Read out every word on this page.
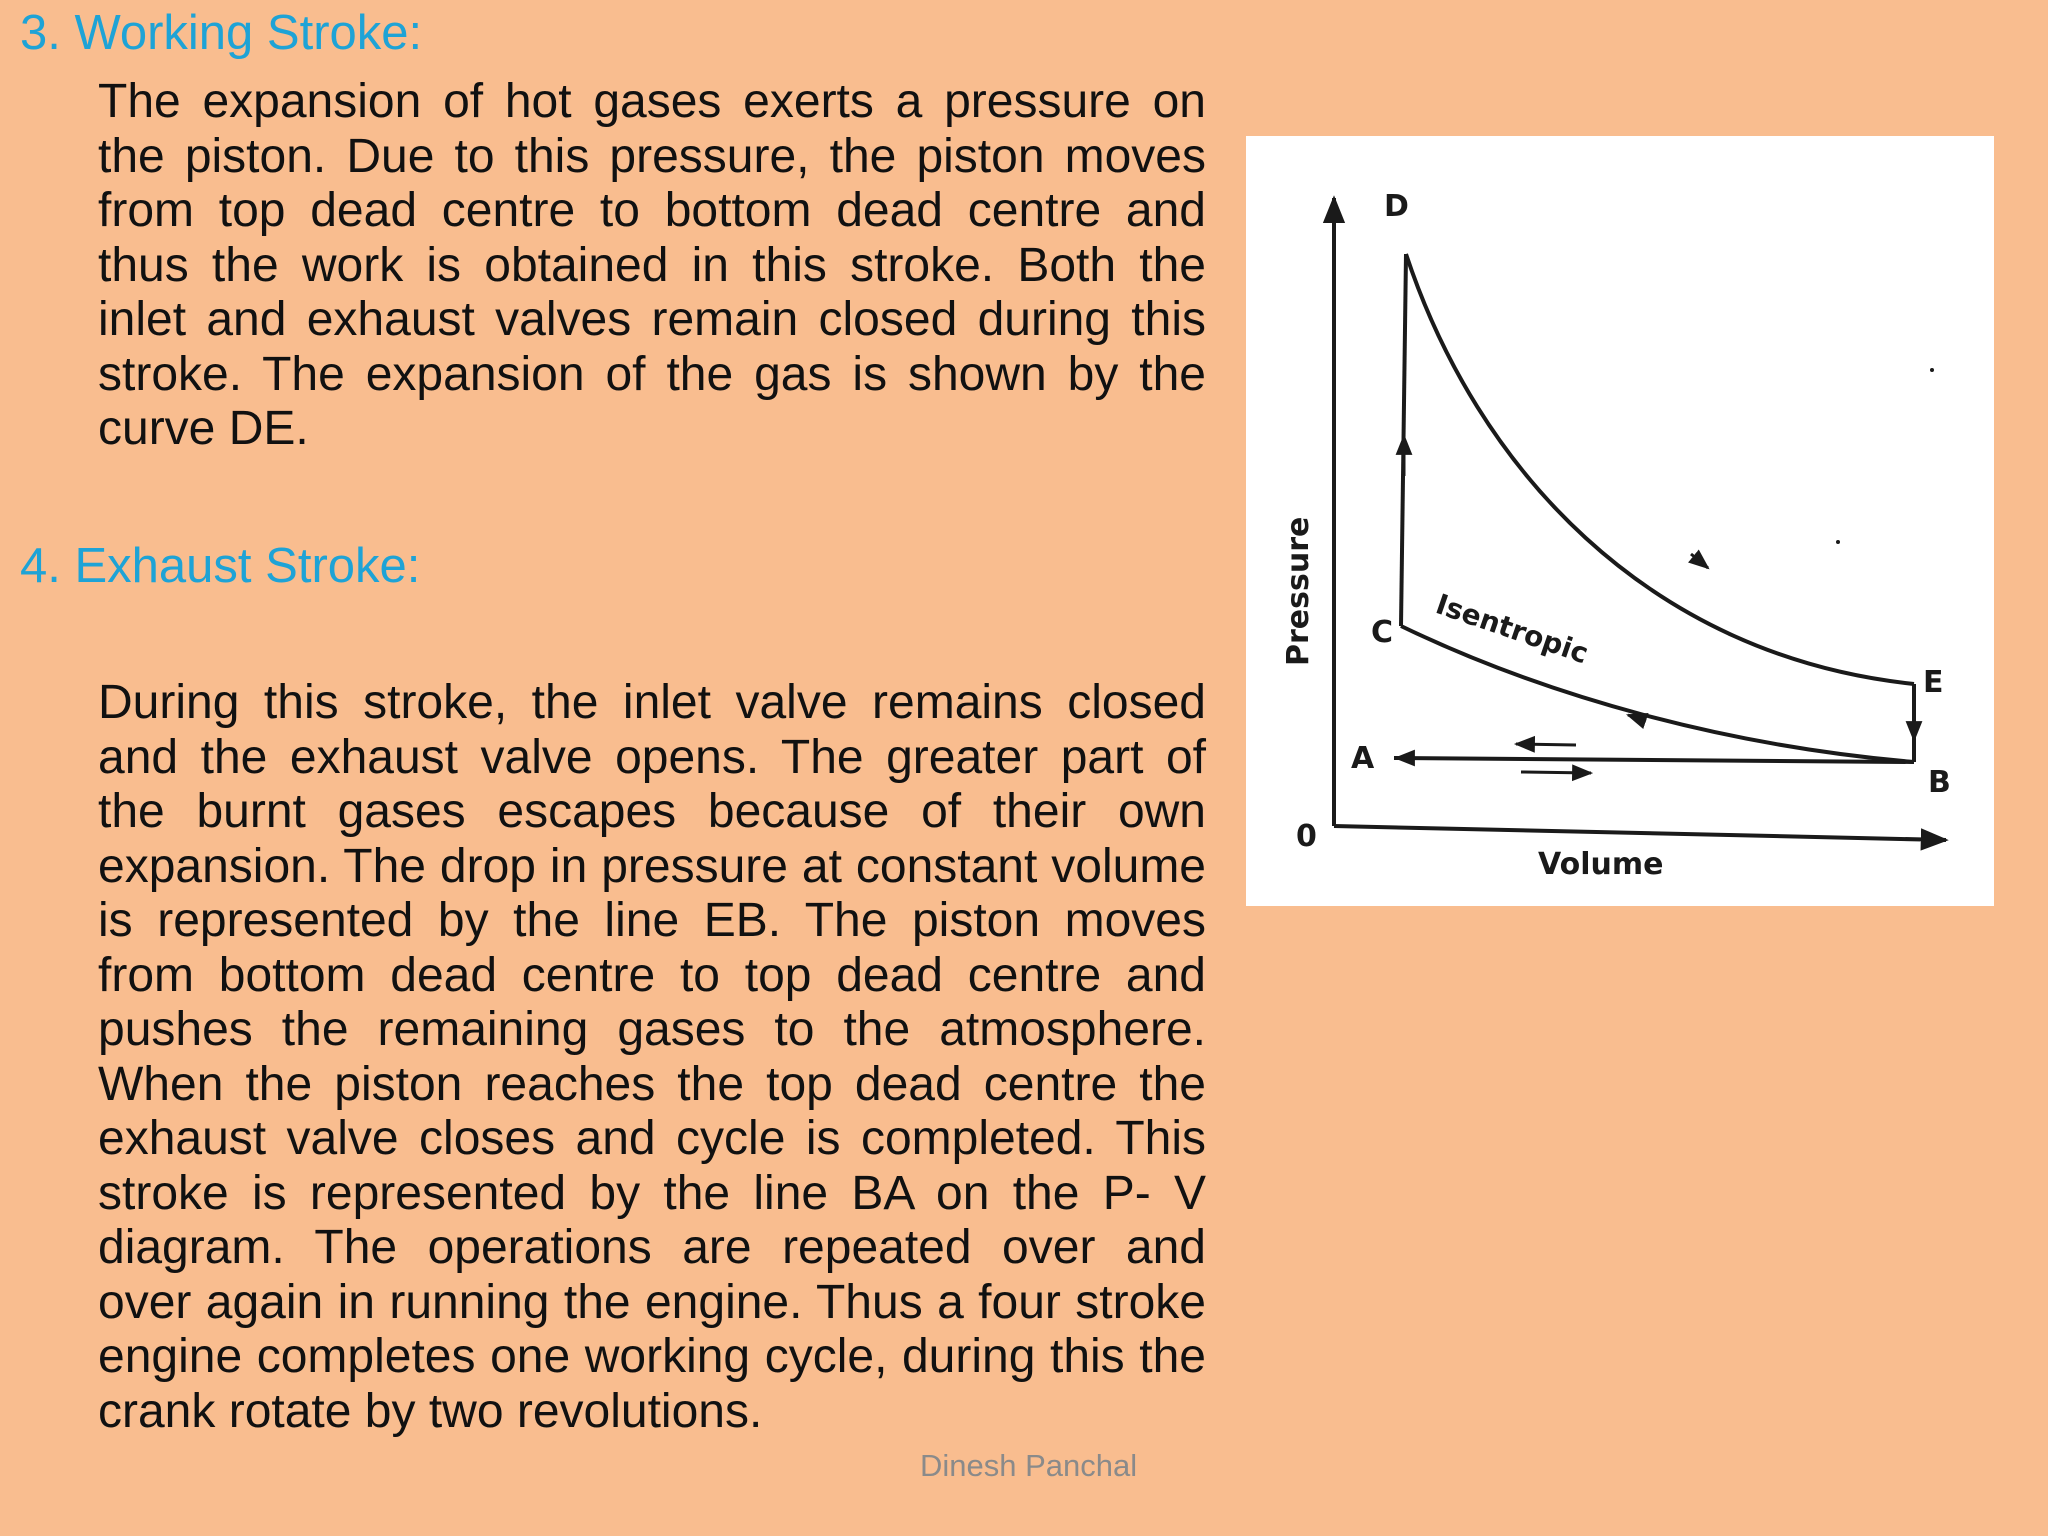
3. Working Stroke:

The expansion of hot gases exerts a pressure on the piston. Due to this pressure, the piston moves from top dead centre to bottom dead centre and thus the work is obtained in this stroke. Both the inlet and exhaust valves remain closed during this stroke. The expansion of the gas is shown by the curve DE.

4. Exhaust Stroke:

During this stroke, the inlet valve remains closed and the exhaust valve opens. The greater part of the burnt gases escapes because of their own expansion. The drop in pressure at constant volume is represented by the line EB. The piston moves from bottom dead centre to top dead centre and pushes the remaining gases to the atmosphere. When the piston reaches the top dead centre the exhaust valve closes and cycle is completed. This stroke is represented by the line BA on the P- V diagram. The operations are repeated over and over again in running the engine. Thus a four stroke engine completes one working cycle, during this the crank rotate by two revolutions.

Dinesh Panchal
D
C
E
B
A
0
Volume
Pressure	Isentropic
